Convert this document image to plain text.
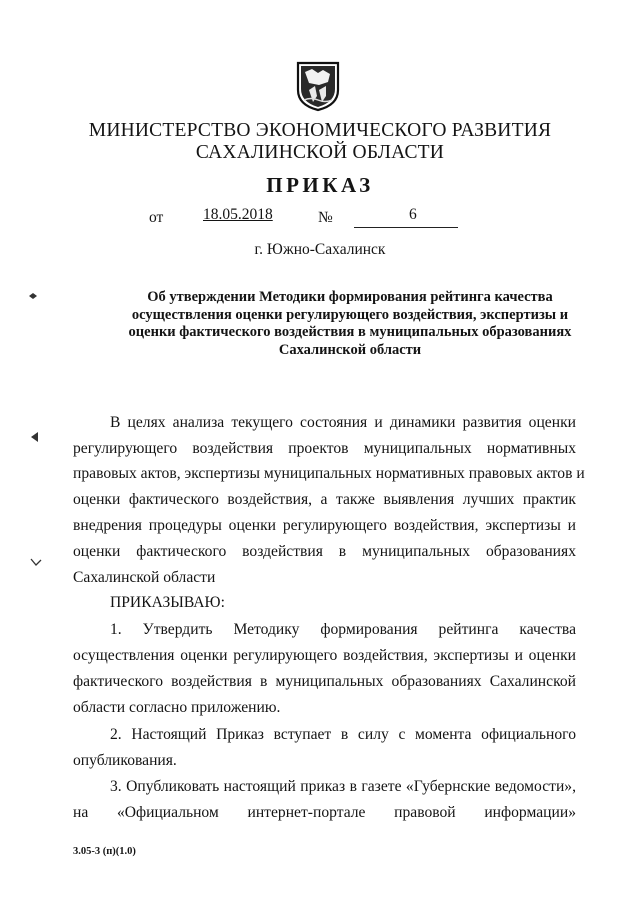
МИНИСТЕРСТВО ЭКОНОМИЧЕСКОГО РАЗВИТИЯ
САХАЛИНСКОЙ ОБЛАСТИ
ПРИКАЗ
от	18.05.2018	№	6
г. Южно-Сахалинск
Об утверждении Методики формирования рейтинга качества
осуществления оценки регулирующего воздействия, экспертизы и
оценки фактического воздействия в муниципальных образованиях
Сахалинской области
В целях анализа текущего состояния и динамики развития оценки
регулирующего воздействия проектов муниципальных нормативных
правовых актов, экспертизы муниципальных нормативных правовых актов и
оценки фактического воздействия, а также выявления лучших практик
внедрения процедуры оценки регулирующего воздействия, экспертизы и
оценки фактического воздействия в муниципальных образованиях
Сахалинской области
ПРИКАЗЫВАЮ:
1. Утвердить Методику формирования рейтинга качества
осуществления оценки регулирующего воздействия, экспертизы и оценки
фактического воздействия в муниципальных образованиях Сахалинской
области согласно приложению.
2. Настоящий Приказ вступает в силу с момента официального
опубликования.
3. Опубликовать настоящий приказ в газете «Губернские ведомости»,
на «Официальном интернет-портале правовой информации»
3.05-3 (п)(1.0)
